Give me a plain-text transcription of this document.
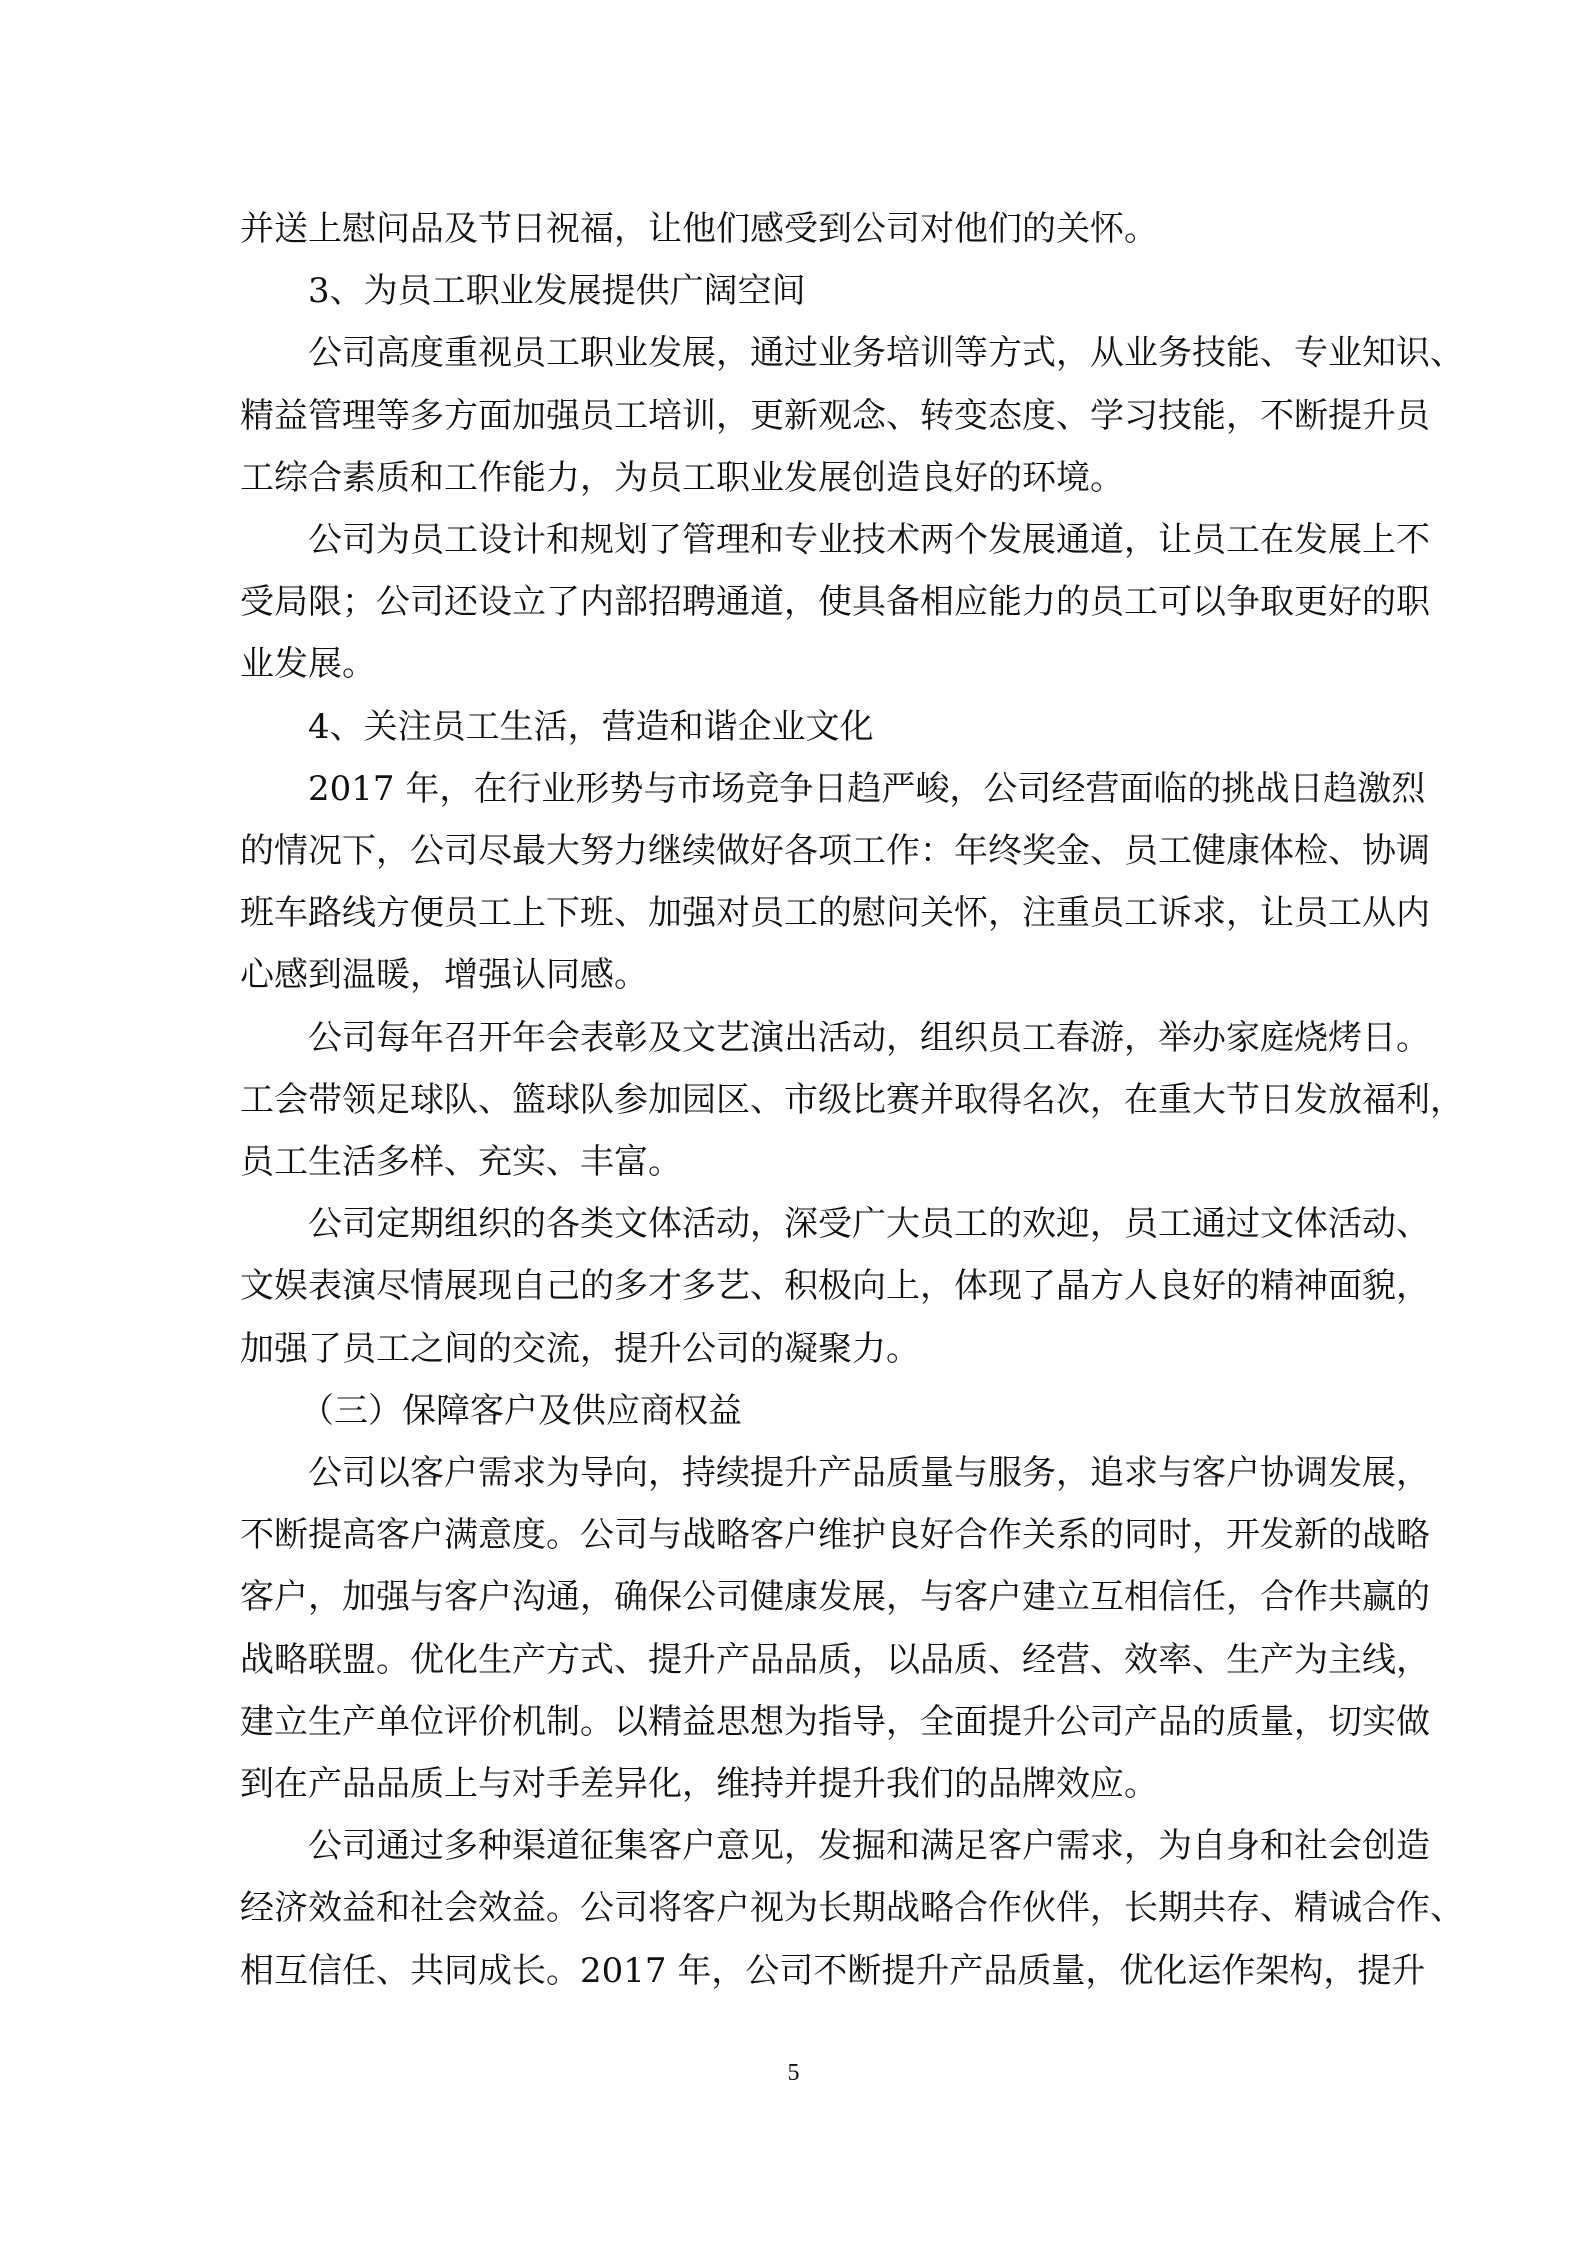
并送上慰问品及节日祝福，让他们感受到公司对他们的关怀。

3、为员工职业发展提供广阔空间

公司高度重视员工职业发展，通过业务培训等方式，从业务技能、专业知识、

精益管理等多方面加强员工培训，更新观念、转变态度、学习技能，不断提升员

工综合素质和工作能力，为员工职业发展创造良好的环境。

公司为员工设计和规划了管理和专业技术两个发展通道，让员工在发展上不

受局限；公司还设立了内部招聘通道，使具备相应能力的员工可以争取更好的职

业发展。

4、关注员工生活，营造和谐企业文化

2017 年，在行业形势与市场竞争日趋严峻，公司经营面临的挑战日趋激烈

的情况下，公司尽最大努力继续做好各项工作：年终奖金、员工健康体检、协调

班车路线方便员工上下班、加强对员工的慰问关怀，注重员工诉求，让员工从内

心感到温暖，增强认同感。

公司每年召开年会表彰及文艺演出活动，组织员工春游，举办家庭烧烤日。

工会带领足球队、篮球队参加园区、市级比赛并取得名次，在重大节日发放福利，

员工生活多样、充实、丰富。

公司定期组织的各类文体活动，深受广大员工的欢迎，员工通过文体活动、

文娱表演尽情展现自己的多才多艺、积极向上，体现了晶方人良好的精神面貌，

加强了员工之间的交流，提升公司的凝聚力。

（三）保障客户及供应商权益

公司以客户需求为导向，持续提升产品质量与服务，追求与客户协调发展，

不断提高客户满意度。公司与战略客户维护良好合作关系的同时，开发新的战略

客户，加强与客户沟通，确保公司健康发展，与客户建立互相信任，合作共赢的

战略联盟。优化生产方式、提升产品品质，以品质、经营、效率、生产为主线，

建立生产单位评价机制。以精益思想为指导，全面提升公司产品的质量，切实做

到在产品品质上与对手差异化，维持并提升我们的品牌效应。

公司通过多种渠道征集客户意见，发掘和满足客户需求，为自身和社会创造

经济效益和社会效益。公司将客户视为长期战略合作伙伴，长期共存、精诚合作、

相互信任、共同成长。2017 年，公司不断提升产品质量，优化运作架构，提升

5
